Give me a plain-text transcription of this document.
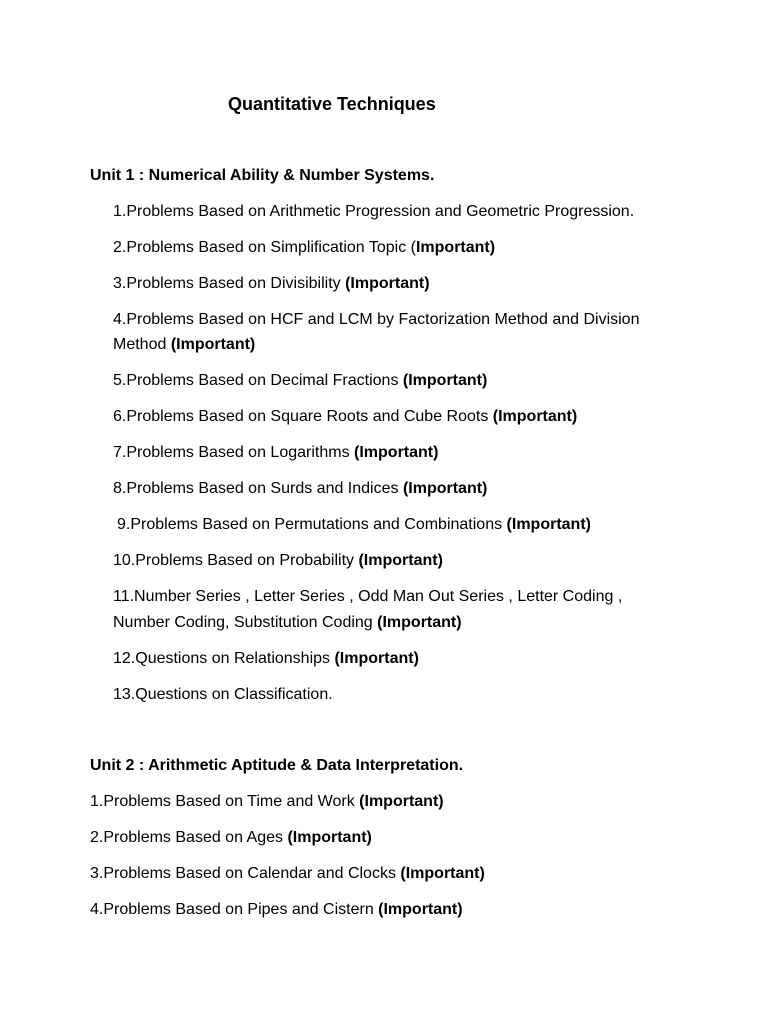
Quantitative Techniques
Unit 1 : Numerical Ability & Number Systems.
1.Problems Based on Arithmetic Progression and Geometric Progression.
2.Problems Based on Simplification Topic (Important)
3.Problems Based on Divisibility (Important)
4.Problems Based on HCF and LCM by Factorization Method and Division
Method (Important)
5.Problems Based on Decimal Fractions (Important)
6.Problems Based on Square Roots and Cube Roots (Important)
7.Problems Based on Logarithms (Important)
8.Problems Based on Surds and Indices (Important)
9.Problems Based on Permutations and Combinations (Important)
10.Problems Based on Probability (Important)
11.Number Series , Letter Series , Odd Man Out Series , Letter Coding ,
Number Coding, Substitution Coding (Important)
12.Questions on Relationships (Important)
13.Questions on Classification.
Unit 2 : Arithmetic Aptitude & Data Interpretation.
1.Problems Based on Time and Work (Important)
2.Problems Based on Ages (Important)
3.Problems Based on Calendar and Clocks (Important)
4.Problems Based on Pipes and Cistern (Important)
